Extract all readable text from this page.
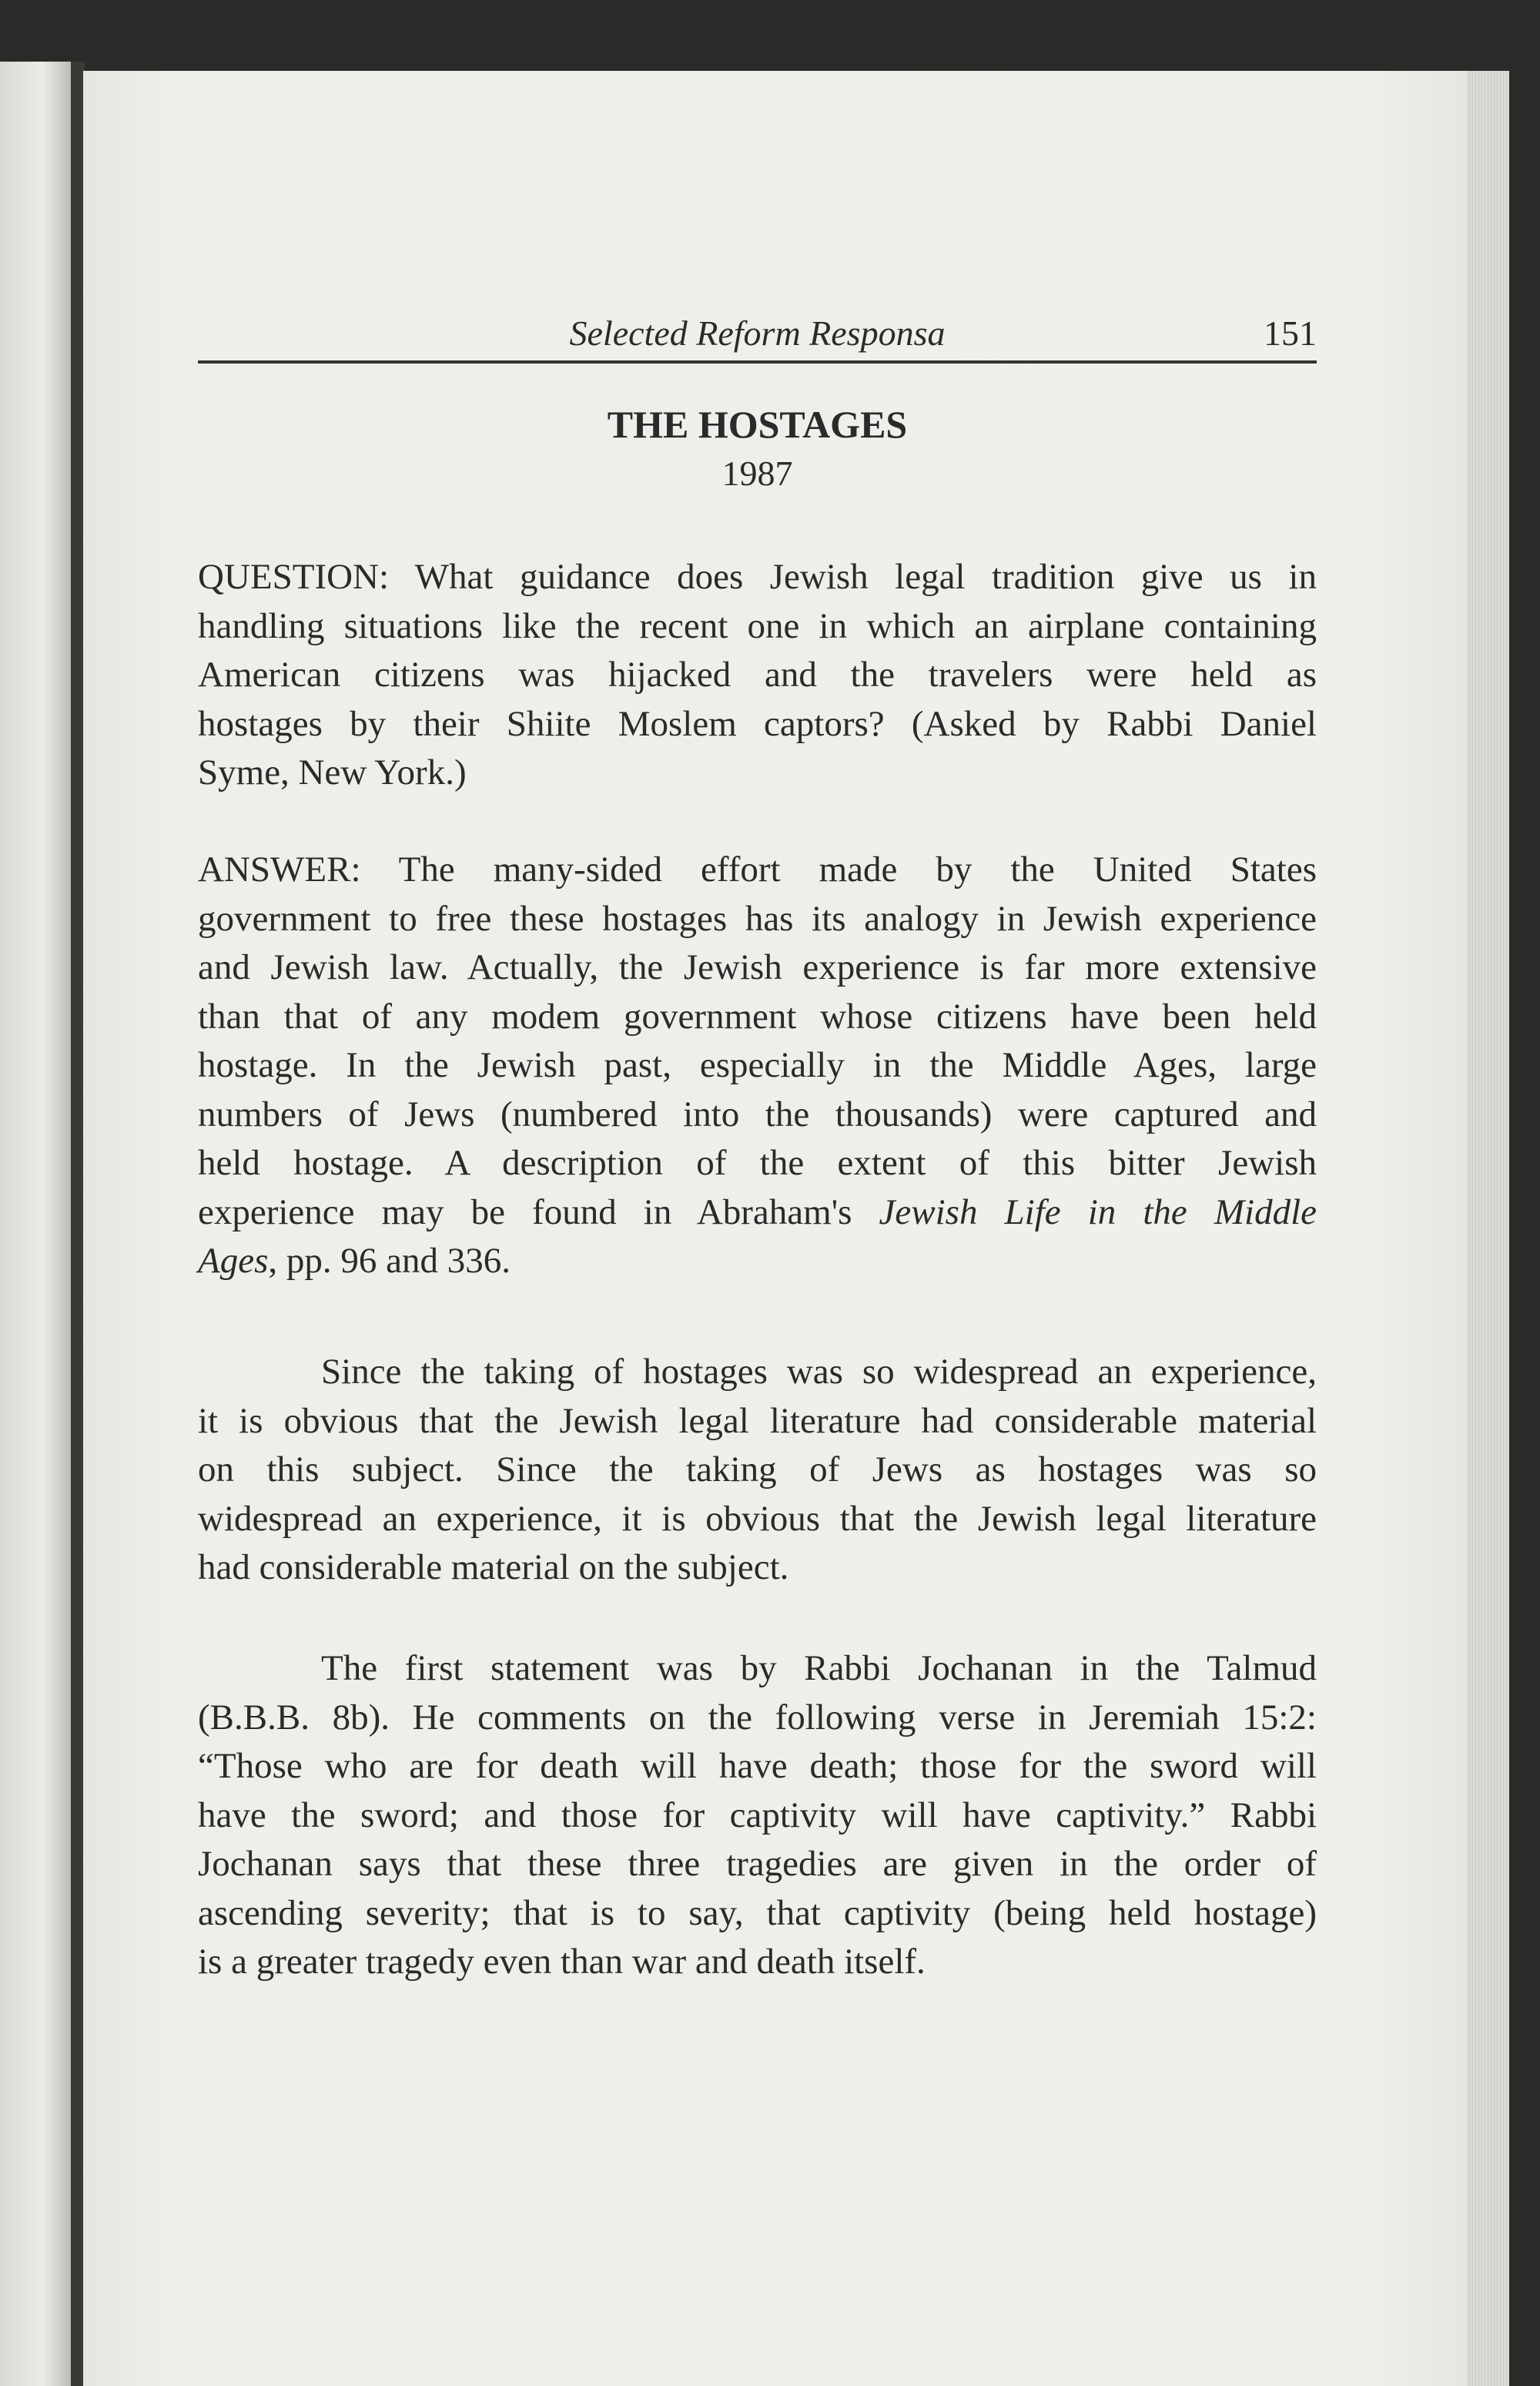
Selected Reform Responsa	151
THE HOSTAGES
1987
QUESTION: What guidance does Jewish legal tradition give us in
handling situations like the recent one in which an airplane containing
American citizens was hijacked and the travelers were held as
hostages by their Shiite Moslem captors? (Asked by Rabbi Daniel
Syme, New York.)
ANSWER: The many-sided effort made by the United States
government to free these hostages has its analogy in Jewish experience
and Jewish law. Actually, the Jewish experience is far more extensive
than that of any modem government whose citizens have been held
hostage. In the Jewish past, especially in the Middle Ages, large
numbers of Jews (numbered into the thousands) were captured and
held hostage. A description of the extent of this bitter Jewish
experience may be found in Abraham's Jewish Life in the Middle
Ages, pp. 96 and 336.
Since the taking of hostages was so widespread an experience,
it is obvious that the Jewish legal literature had considerable material
on this subject. Since the taking of Jews as hostages was so
widespread an experience, it is obvious that the Jewish legal literature
had considerable material on the subject.
The first statement was by Rabbi Jochanan in the Talmud
(B.B.B. 8b). He comments on the following verse in Jeremiah 15:2:
“Those who are for death will have death; those for the sword will
have the sword; and those for captivity will have captivity.” Rabbi
Jochanan says that these three tragedies are given in the order of
ascending severity; that is to say, that captivity (being held hostage)
is a greater tragedy even than war and death itself.
